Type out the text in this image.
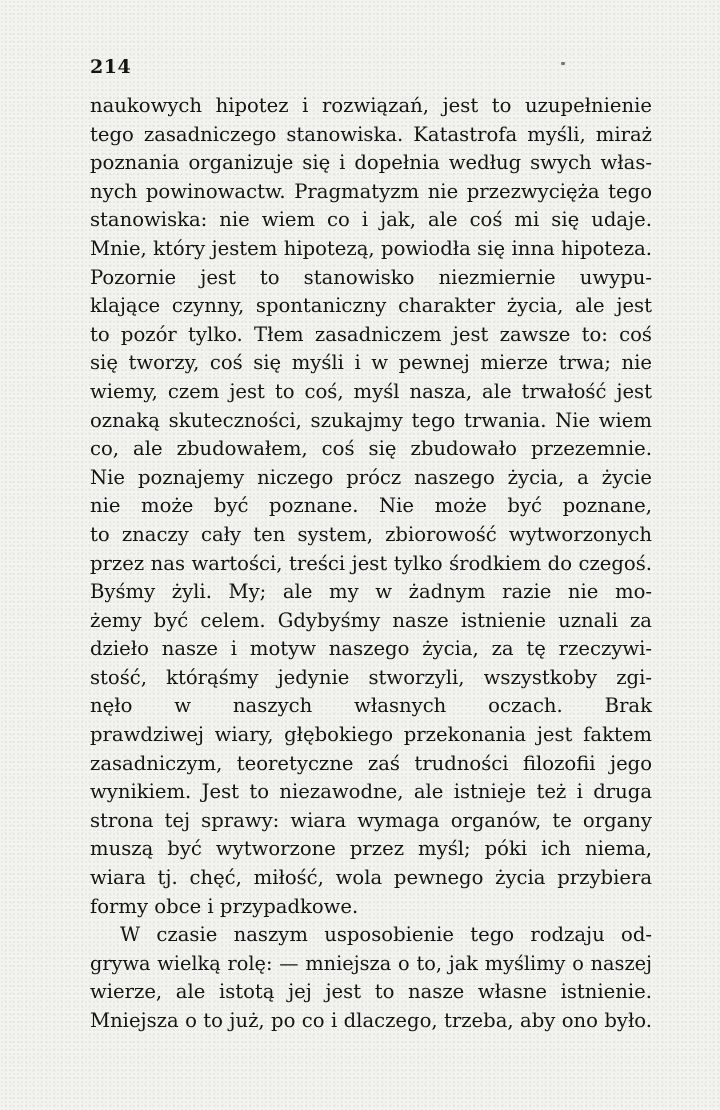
214
naukowych hipotez i rozwiązań, jest to uzupełnienie
tego zasadniczego stanowiska. Katastrofa myśli, miraż
poznania organizuje się i dopełnia według swych włas-
nych powinowactw. Pragmatyzm nie przezwycięża tego
stanowiska: nie wiem co i jak, ale coś mi się udaje.
Mnie, który jestem hipotezą, powiodła się inna hipoteza.
Pozornie jest to stanowisko niezmiernie uwypu-
klające czynny, spontaniczny charakter życia, ale jest
to pozór tylko. Tłem zasadniczem jest zawsze to: coś
się tworzy, coś się myśli i w pewnej mierze trwa; nie
wiemy, czem jest to coś, myśl nasza, ale trwałość jest
oznaką skuteczności, szukajmy tego trwania. Nie wiem
co, ale zbudowałem, coś się zbudowało przezemnie.
Nie poznajemy niczego prócz naszego życia, a życie
nie może być poznane. Nie może być poznane,
to znaczy cały ten system, zbiorowość wytworzonych
przez nas wartości, treści jest tylko środkiem do czegoś.
Byśmy żyli. My; ale my w żadnym razie nie mo-
żemy być celem. Gdybyśmy nasze istnienie uznali za
dzieło nasze i motyw naszego życia, za tę rzeczywi-
stość, którąśmy jedynie stworzyli, wszystkoby zgi-
nęło w naszych własnych oczach. Brak
prawdziwej wiary, głębokiego przekonania jest faktem
zasadniczym, teoretyczne zaś trudności filozofii jego
wynikiem. Jest to niezawodne, ale istnieje też i druga
strona tej sprawy: wiara wymaga organów, te organy
muszą być wytworzone przez myśl; póki ich niema,
wiara tj. chęć, miłość, wola pewnego życia przybiera
formy obce i przypadkowe.
W czasie naszym usposobienie tego rodzaju od-
grywa wielką rolę: — mniejsza o to, jak myślimy o naszej
wierze, ale istotą jej jest to nasze własne istnienie.
Mniejsza o to już, po co i dlaczego, trzeba, aby ono było.
